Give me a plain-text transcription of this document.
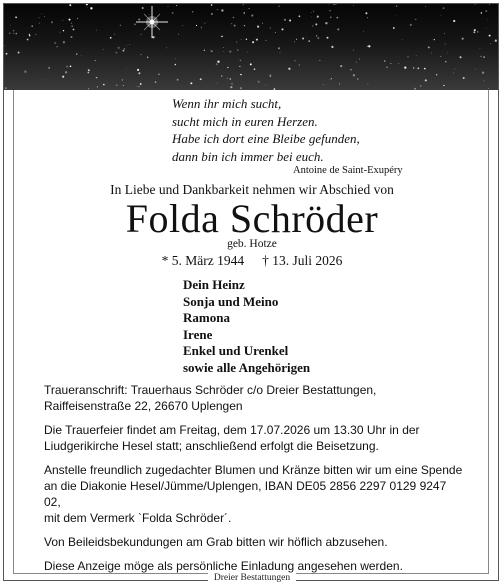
Wenn ihr mich sucht,
sucht mich in euren Herzen.
Habe ich dort eine Bleibe gefunden,
dann bin ich immer bei euch.
Antoine de Saint-Exupéry
In Liebe und Dankbarkeit nehmen wir Abschied von
Folda Schröder
geb. Hotze
* 5. März 1944 † 13. Juli 2026
Dein Heinz
Sonja und Meino
Ramona
Irene
Enkel und Urenkel
sowie alle Angehörigen

Traueranschrift: Trauerhaus Schröder c/o Dreier Bestattungen,
Raiffeisenstraße 22, 26670 Uplengen

Die Trauerfeier findet am Freitag, dem 17.07.2026 um 13.30 Uhr in der
Liudgerikirche Hesel statt; anschließend erfolgt die Beisetzung.

Anstelle freundlich zugedachter Blumen und Kränze bitten wir um eine Spende
an die Diakonie Hesel/Jümme/Uplengen, IBAN DE05 2856 2297 0129 9247 02,
mit dem Vermerk `Folda Schröder´.

Von Beileidsbekundungen am Grab bitten wir höflich abzusehen.

Diese Anzeige möge als persönliche Einladung angesehen werden.

Dreier Bestattungen
